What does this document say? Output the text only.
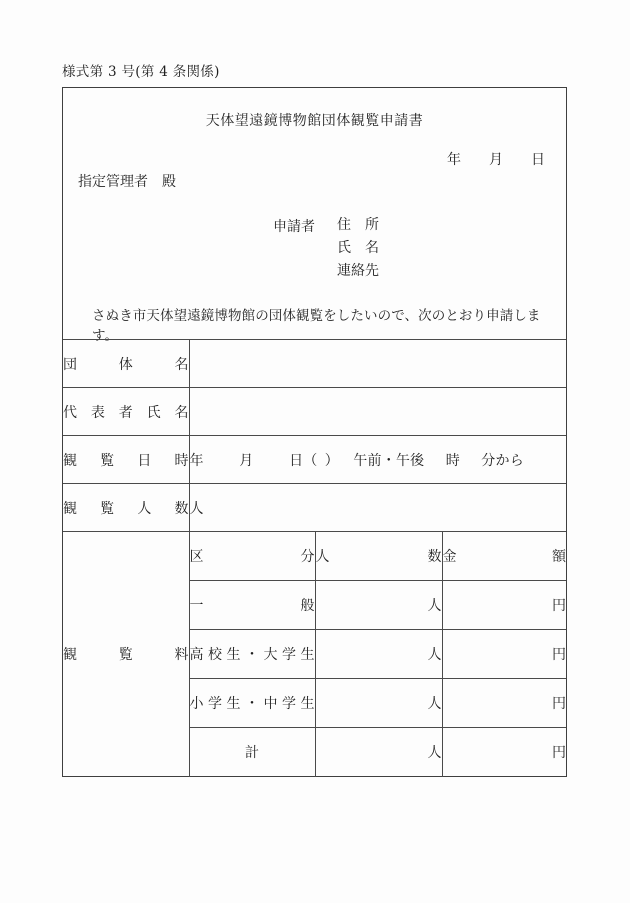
様式第 3 号(第 4 条関係)
天体望遠鏡博物館団体観覧申請書
年　　月　　日
指定管理者　殿
申請者 住　所
氏　名
連絡先
さぬき市天体望遠鏡博物館の団体観覧をしたいので、次のとおり申請します。
団体名			
代表者氏名			
観覧日時	年　 　月　 　日（ ）　 午前・午後　 時　 分から		
観覧人数	人		
観覧料	区分	人数	金額
	一般	人	円
	高校生・大学生	人	円
	小学生・中学生	人	円
	計	人	円
